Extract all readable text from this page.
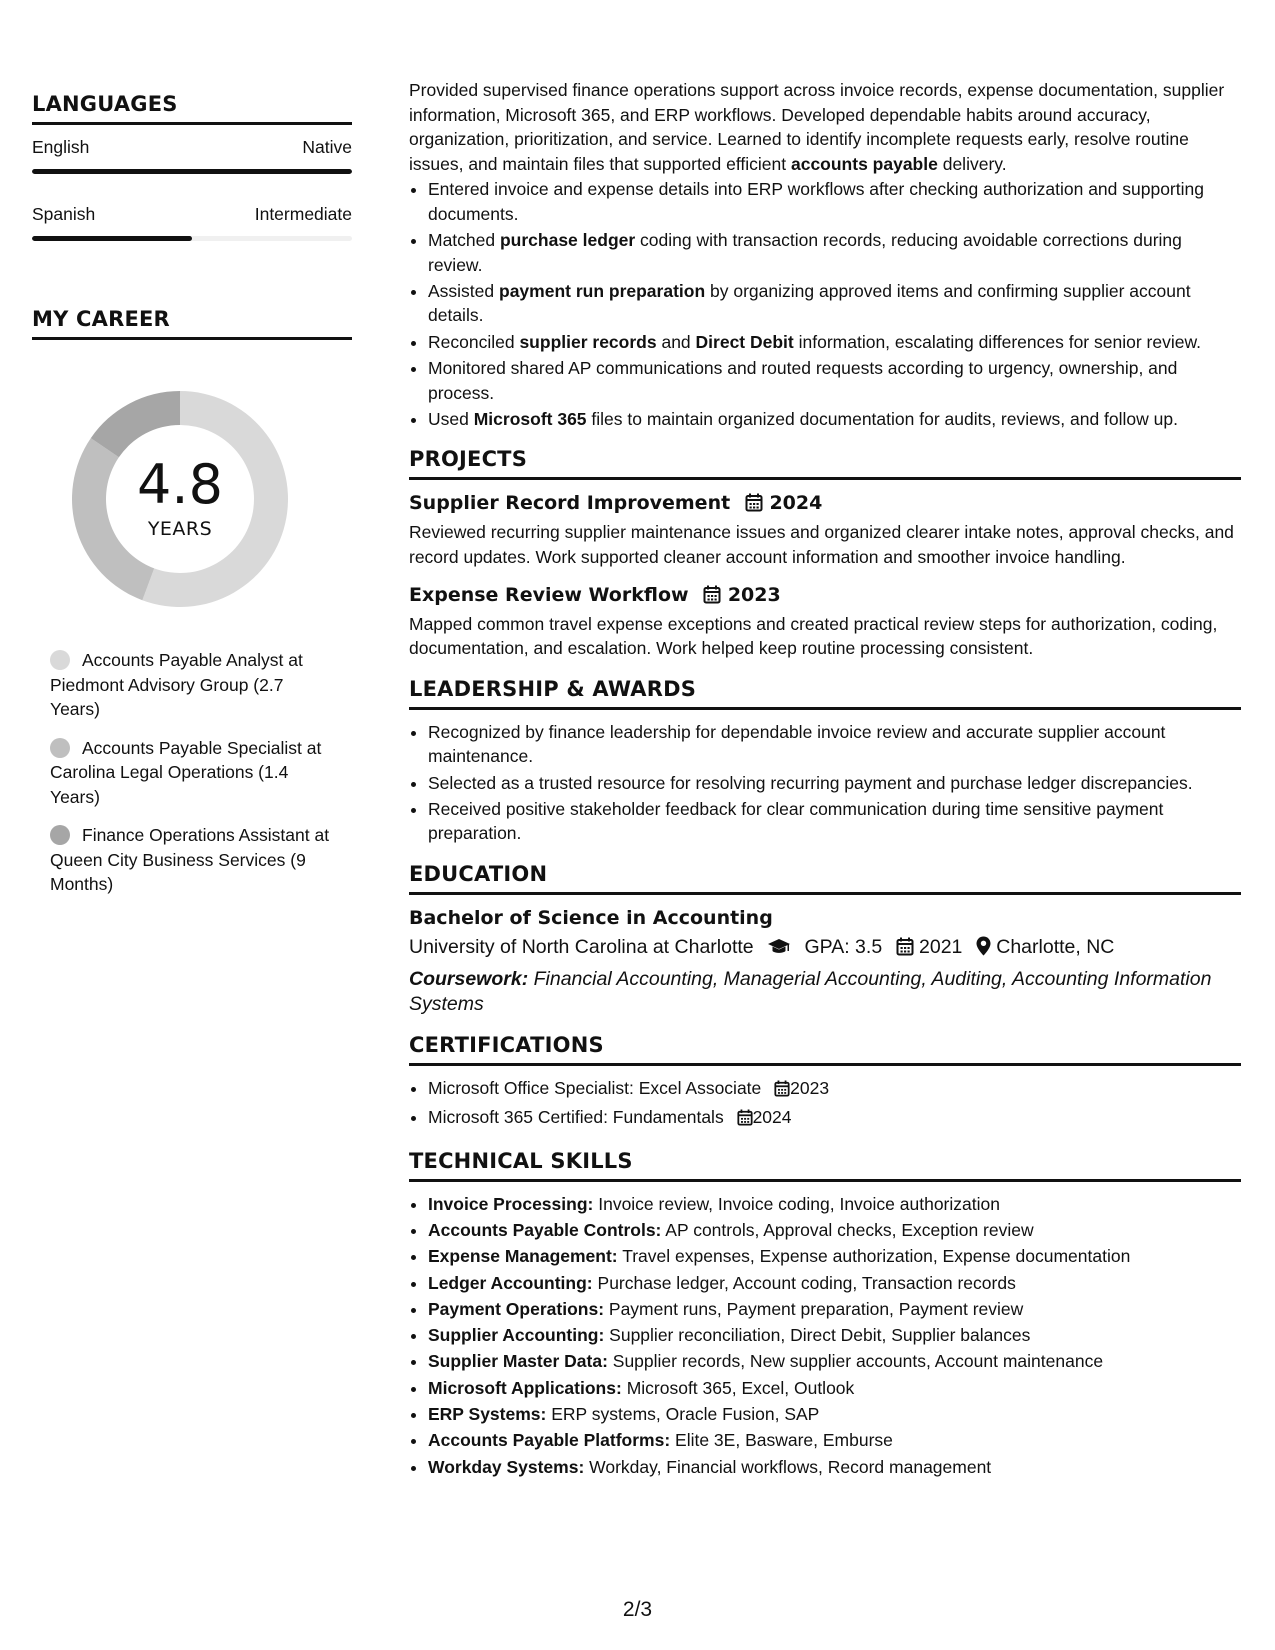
LANGUAGES
English	Native
Spanish	Intermediate
MY CAREER
4.8
YEARS
Accounts Payable Analyst at Piedmont Advisory Group (2.7 Years)
Accounts Payable Specialist at Carolina Legal Operations (1.4 Years)
Finance Operations Assistant at Queen City Business Services (9 Months)

Provided supervised finance operations support across invoice records, expense documentation, supplier information, Microsoft 365, and ERP workflows. Developed dependable habits around accuracy, organization, prioritization, and service. Learned to identify incomplete requests early, resolve routine issues, and maintain files that supported efficient accounts payable delivery.

• Entered invoice and expense details into ERP workflows after checking authorization and supporting documents.
• Matched purchase ledger coding with transaction records, reducing avoidable corrections during review.
• Assisted payment run preparation by organizing approved items and confirming supplier account details.
• Reconciled supplier records and Direct Debit information, escalating differences for senior review.
• Monitored shared AP communications and routed requests according to urgency, ownership, and process.
• Used Microsoft 365 files to maintain organized documentation for audits, reviews, and follow up.
PROJECTS
Supplier Record Improvement 2024

Reviewed recurring supplier maintenance issues and organized clearer intake notes, approval checks, and record updates. Work supported cleaner account information and smoother invoice handling.

Expense Review Workflow 2023

Mapped common travel expense exceptions and created practical review steps for authorization, coding, documentation, and escalation. Work helped keep routine processing consistent.

LEADERSHIP & AWARDS
• Recognized by finance leadership for dependable invoice review and accurate supplier account maintenance.
• Selected as a trusted resource for resolving recurring payment and purchase ledger discrepancies.
• Received positive stakeholder feedback for clear communication during time sensitive payment preparation.
EDUCATION
Bachelor of Science in Accounting
University of North Carolina at Charlotte	GPA: 3.5 2021 Charlotte, NC
Coursework: Financial Accounting, Managerial Accounting, Auditing, Accounting Information Systems
CERTIFICATIONS
• Microsoft Office Specialist: Excel Associate 2023
• Microsoft 365 Certified: Fundamentals 2024
TECHNICAL SKILLS
• Invoice Processing: Invoice review, Invoice coding, Invoice authorization
• Accounts Payable Controls: AP controls, Approval checks, Exception review
• Expense Management: Travel expenses, Expense authorization, Expense documentation
• Ledger Accounting: Purchase ledger, Account coding, Transaction records
• Payment Operations: Payment runs, Payment preparation, Payment review
• Supplier Accounting: Supplier reconciliation, Direct Debit, Supplier balances
• Supplier Master Data: Supplier records, New supplier accounts, Account maintenance
• Microsoft Applications: Microsoft 365, Excel, Outlook
• ERP Systems: ERP systems, Oracle Fusion, SAP
• Accounts Payable Platforms: Elite 3E, Basware, Emburse
• Workday Systems: Workday, Financial workflows, Record management
2/3
